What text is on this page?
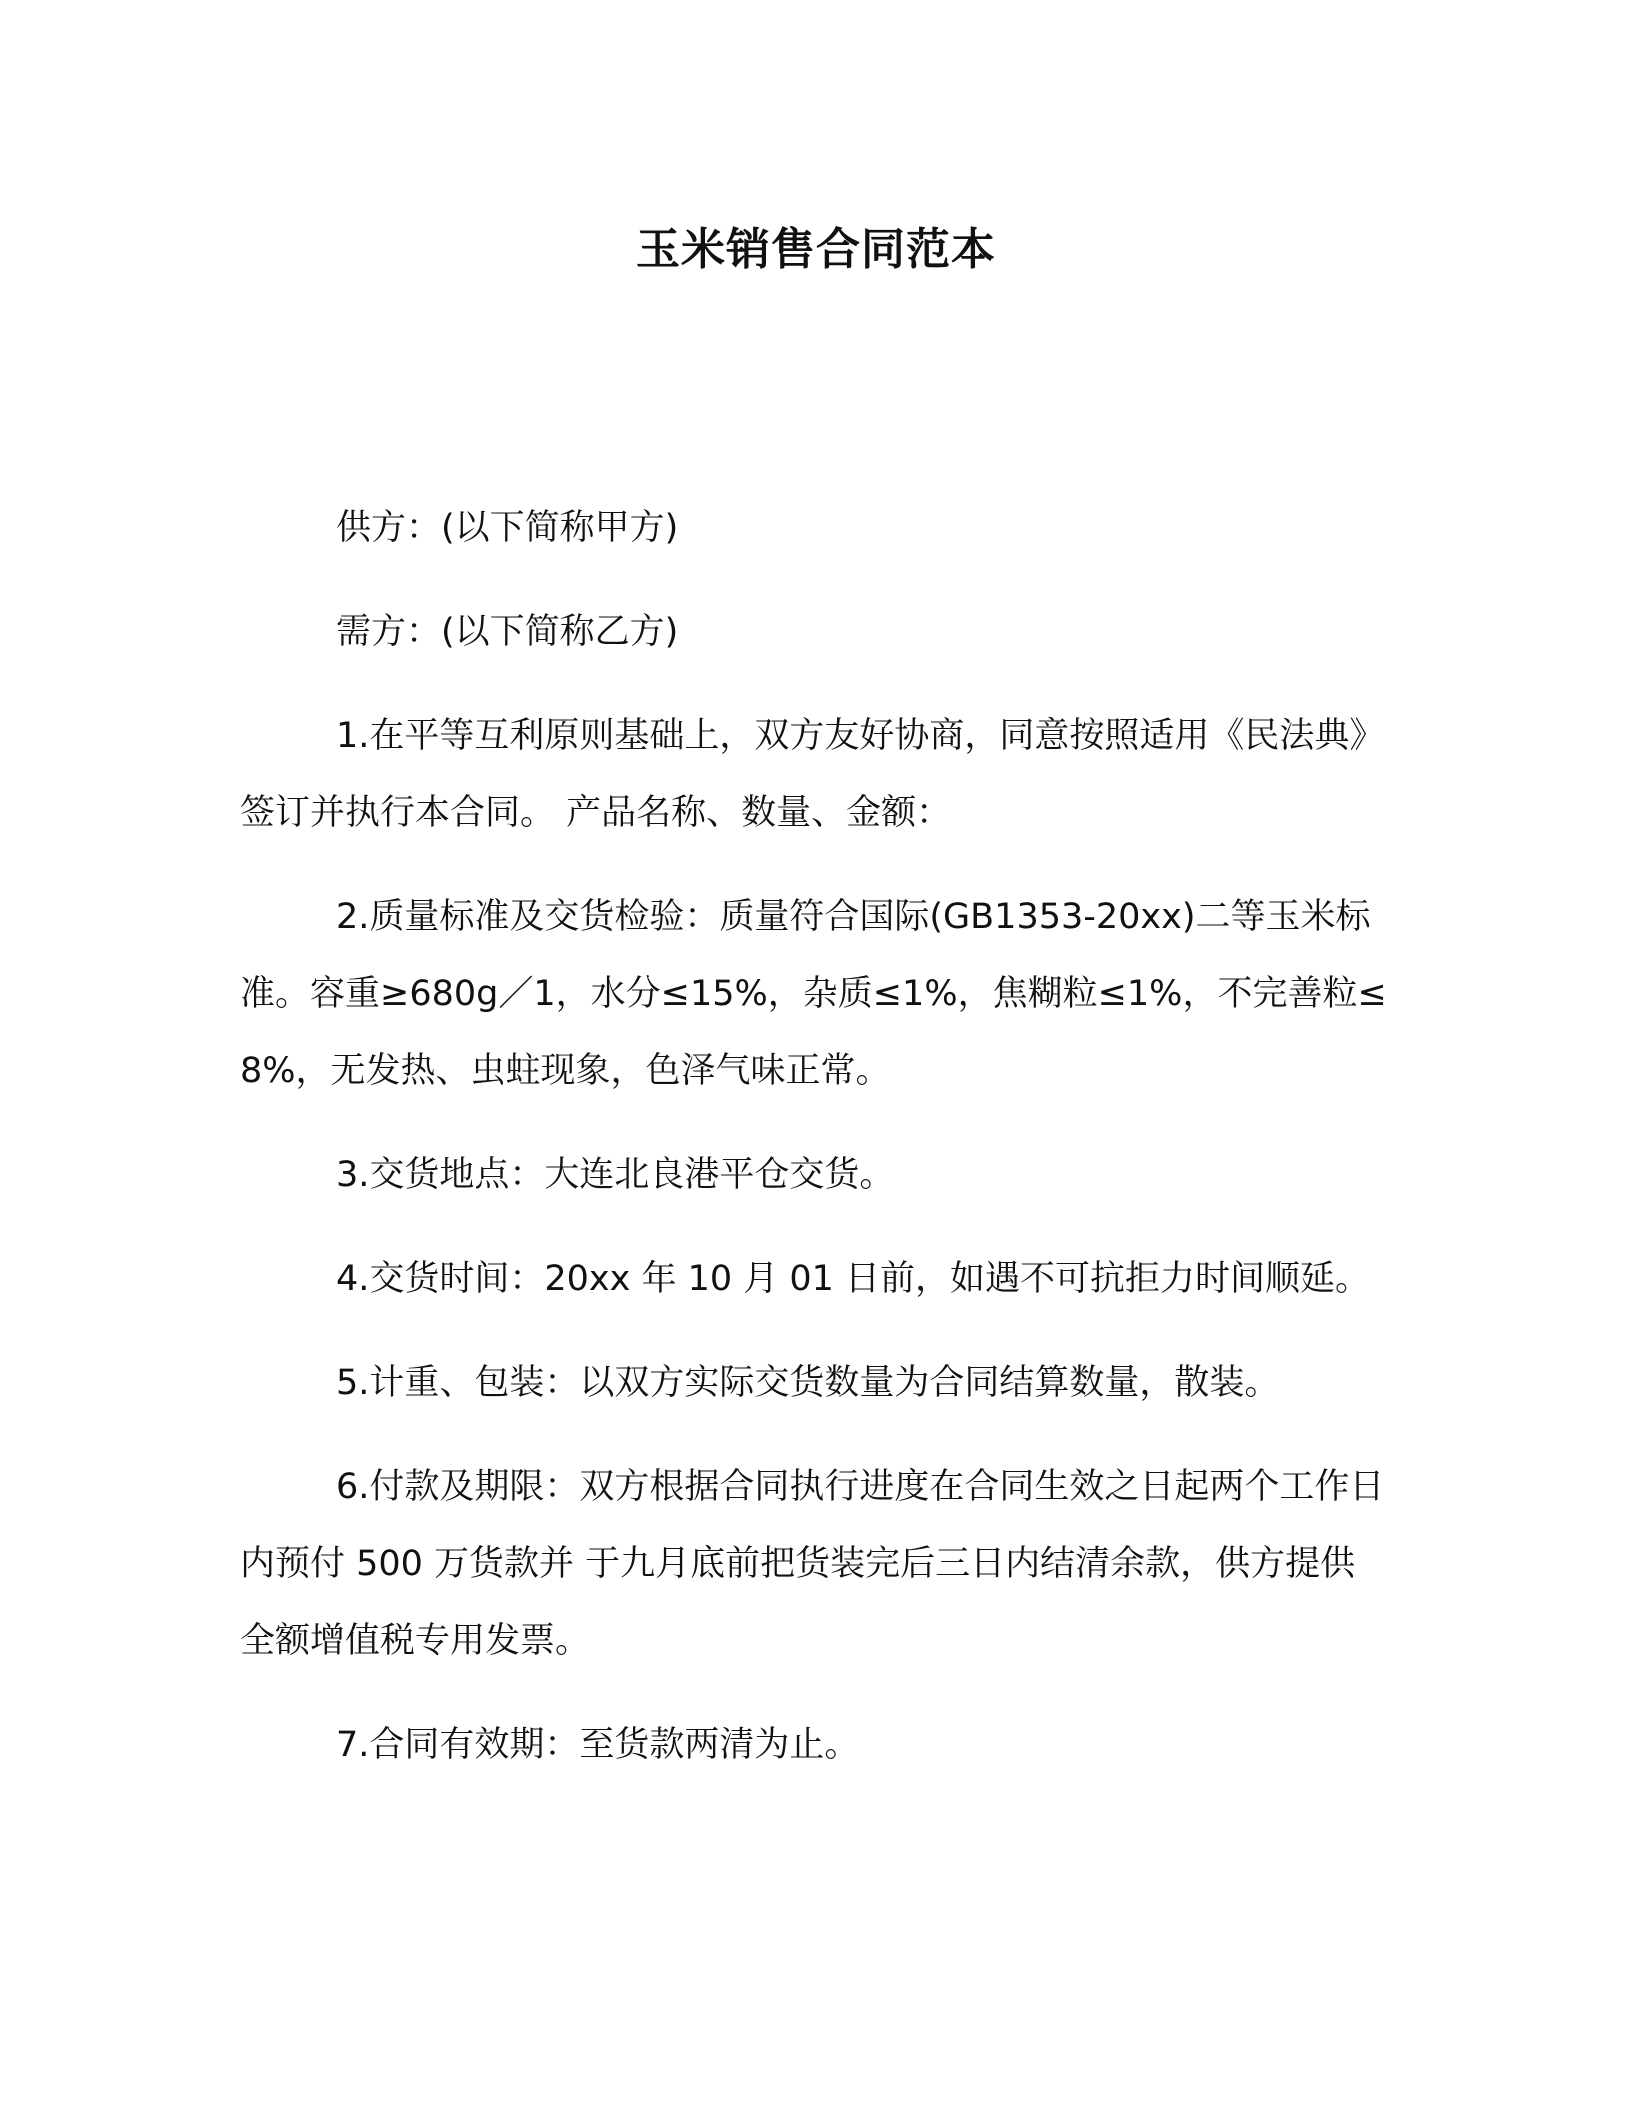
玉米销售合同范本

供方：(以下简称甲方)

需方：(以下简称乙方)

1.在平等互利原则基础上，双方友好协商，同意按照适用《民法典》签订并执行本合同。 产品名称、数量、金额：

2.质量标准及交货检验：质量符合国际(GB1353-20xx)二等玉米标准。容重≥680g／1，水分≤15%，杂质≤1%，焦糊粒≤1%，不完善粒≤8%，无发热、虫蛀现象，色泽气味正常。

3.交货地点：大连北良港平仓交货。

4.交货时间：20xx 年 10 月 01 日前，如遇不可抗拒力时间顺延。

5.计重、包装：以双方实际交货数量为合同结算数量，散装。

6.付款及期限：双方根据合同执行进度在合同生效之日起两个工作日内预付 500 万货款并 于九月底前把货装完后三日内结清余款，供方提供全额增值税专用发票。

7.合同有效期：至货款两清为止。
